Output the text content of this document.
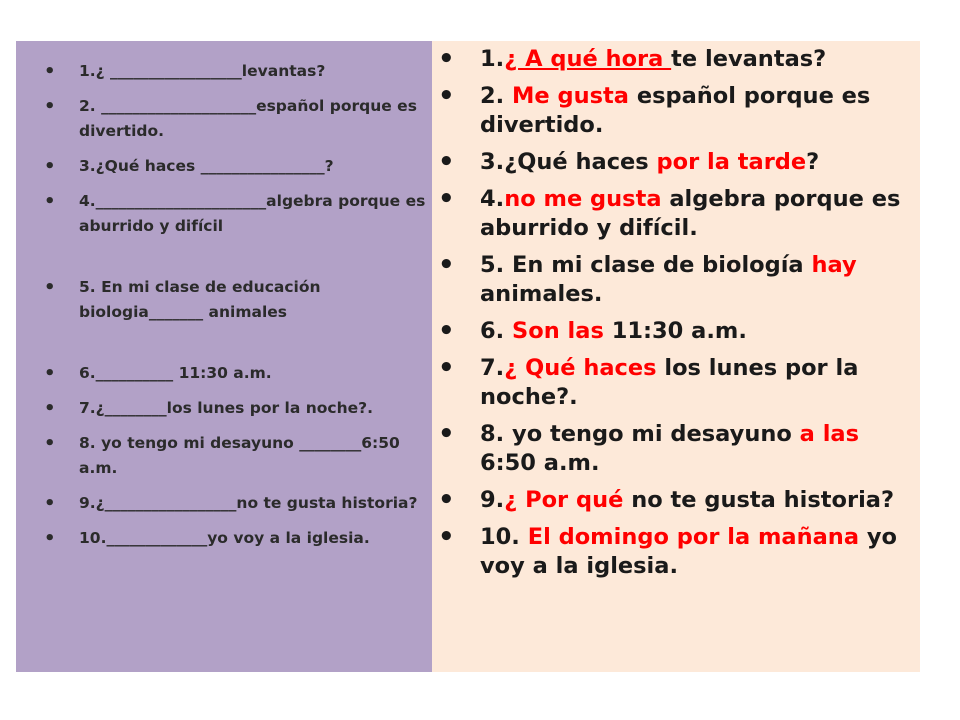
• 1.¿ _________________levantas?
• 2. ____________________español porque es divertido.
• 3.¿Qué haces ________________?
• 4.______________________algebra porque es aburrido y difícil
• 5. En mi clase de educación biologia_______ animales
• 6.__________ 11:30 a.m.
• 7.¿________los lunes por la noche?.
• 8. yo tengo mi desayuno ________6:50 a.m.
• 9.¿_________________no te gusta historia?
• 10._____________yo voy a la iglesia.
• 1.¿ A qué hora te levantas?
• 2. Me gusta español porque es divertido.
• 3.¿Qué haces por la tarde?
• 4.no me gusta algebra porque es aburrido y difícil.
• 5. En mi clase de biología hay animales.
• 6. Son las 11:30 a.m.
• 7.¿ Qué haces los lunes por la noche?.
• 8. yo tengo mi desayuno a las 6:50 a.m.
• 9.¿ Por qué no te gusta historia?
• 10. El domingo por la mañana yo voy a la iglesia.
